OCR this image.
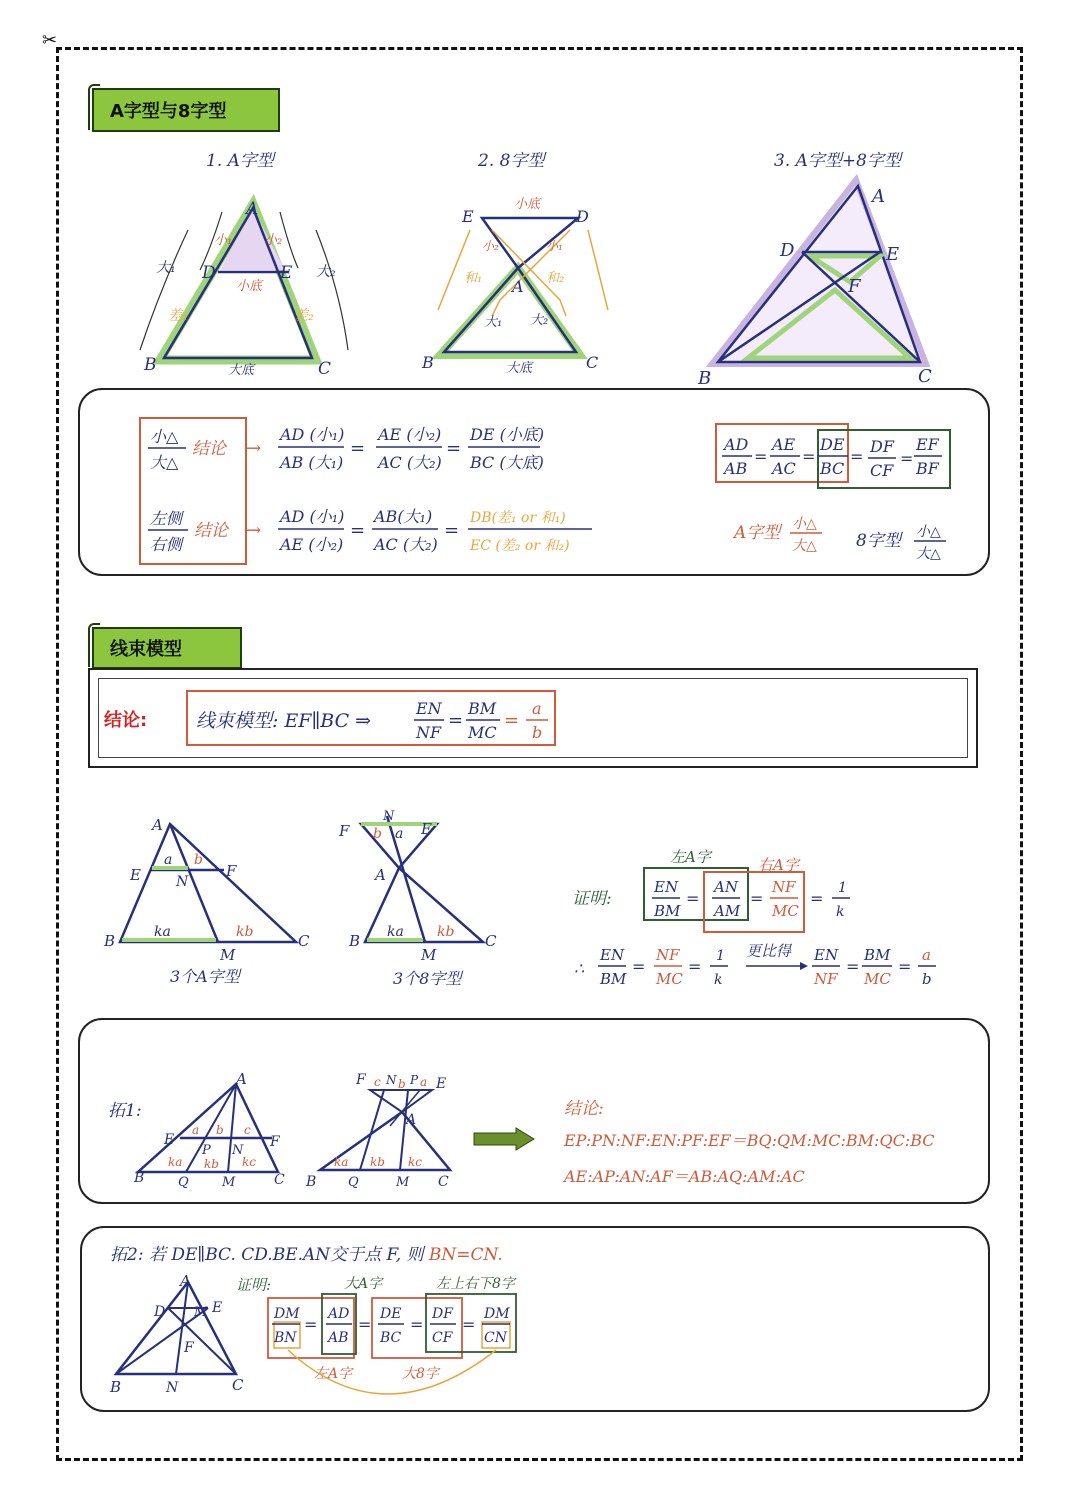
✂
A字型与8字型
1. A字型	2. 8字型	3. A字型+8字型
A
B	C
D	E
小₁ 小₂
大₁	大₂
小底
大底
差₁	差₂
小底
E	D
A
B	C
小₂	小₁
和₁	和₂
大₁ 大₂
大底
A
D	E
F
B	C
小△
大△
结论 →
AD (小₁)
AB (大₁)
=
AE (小₂)
AC (大₂)
=
DE (小底)
BC (大底)
左侧
右侧
结论 →
AD (小₁)
AE (小₂)
=
AB(大₁)
AC (大₂)
=
DB(差₁ or 和₁)
EC (差₂ or 和₂)
AD
AB
=
AE
AC
=
DE
BC
=
DF
CF
=
EF
BF
A字型 小△
大△ 8字型 小△
大△
线束模型
结论:	线束模型: EF∥BC ⇒
EN
NF
=
BM
MC
=
a
b
A
E	F
N
B	C
M
a b
ka	kb
3个A字型
N
F	E
b a
A
B	C
M
ka kb
3个8字型
证明:
左A字	右A字
EN
BM
=
AN
AM
=
NF
MC
=
1
k
∴
EN
BM
=
NF
MC
=
1
k
更比得 EN
NF
=
BM
MC
=
a
b
拓1:
A
E	F
P N
B	Q	M	C
a b c
ka kb kc
F c N b P a E
A
B Q	M C
ka kb kc
结论:
EP:PN:NF:EN:PF:EF＝BQ:QM:MC:BM:QC:BC
AE:AP:AN:AF＝AB:AQ:AM:AC
拓2: 若 DE∥BC. CD.BE.AN交于点 F, 则 BN=CN.
A
D M E
F
B	N	C
证明:	大A字	左上右下8字
DM
BN
=
AD
AB
=
DE
BC
=
DF
CF
=
DM
CN
左A字	大8字
